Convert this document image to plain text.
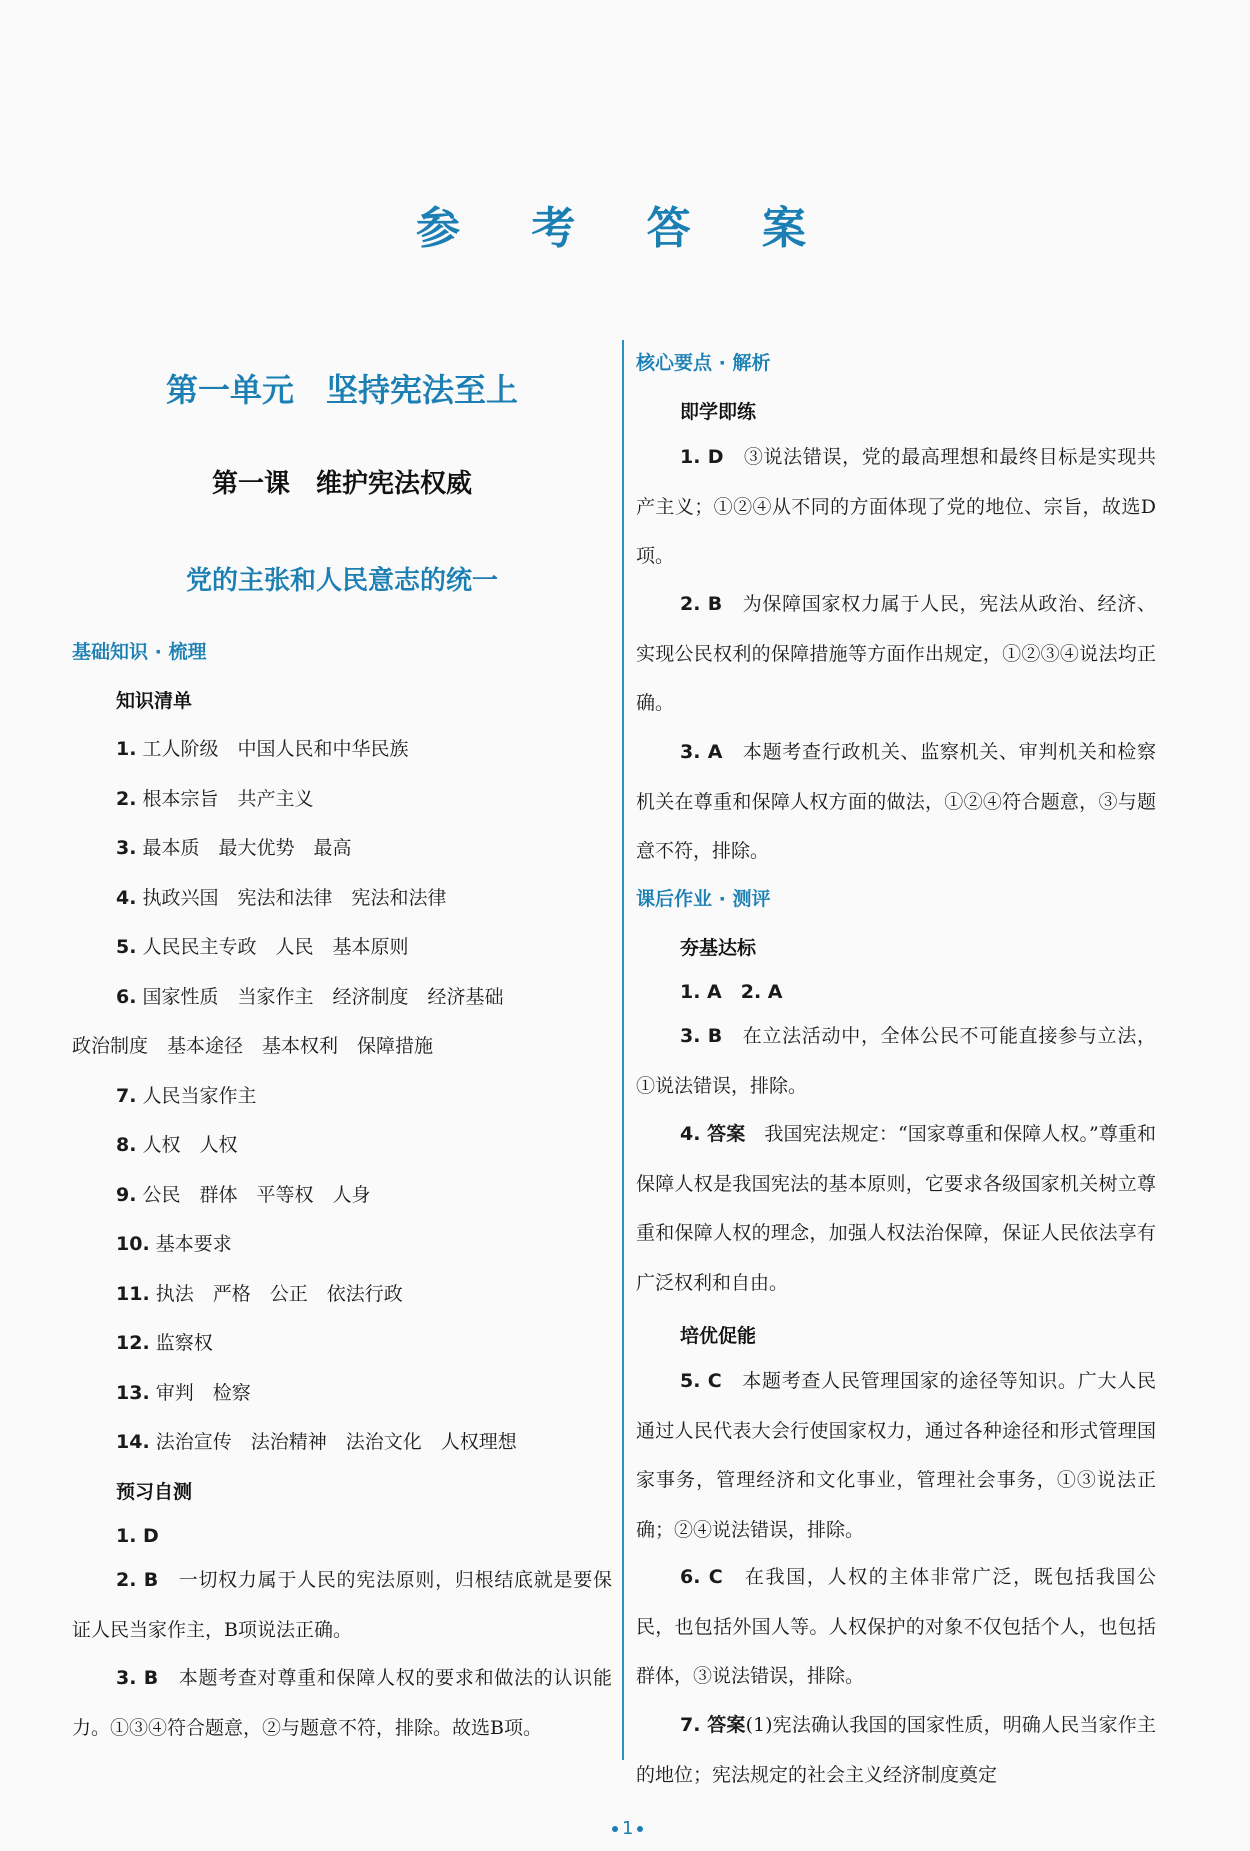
参 考 答 案
第一单元　坚持宪法至上
第一课　维护宪法权威
党的主张和人民意志的统一
基础知识 · 梳理
知识清单
1. 工人阶级　中国人民和中华民族
2. 根本宗旨　共产主义
3. 最本质　最大优势　最高
4. 执政兴国　宪法和法律　宪法和法律
5. 人民民主专政　人民　基本原则
6. 国家性质　当家作主　经济制度　经济基础
政治制度　基本途径　基本权利　保障措施
7. 人民当家作主
8. 人权　人权
9. 公民　群体　平等权　人身
10. 基本要求
11. 执法　严格　公正　依法行政
12. 监察权
13. 审判　检察
14. 法治宣传　法治精神　法治文化　人权理想
预习自测
1. D
2. B　 一切权力属于人民的宪法原则，归根结底就是要保证人民当家作主，B项说法正确。
3. B　 本题考查对尊重和保障人权的要求和做法的认识能力。①③④符合题意，②与题意不符，排除。故选B项。
核心要点 · 解析
即学即练
1. D　 ③说法错误，党的最高理想和最终目标是实现共产主义；①②④从不同的方面体现了党的地位、宗旨，故选D项。
2. B　 为保障国家权力属于人民，宪法从政治、经济、实现公民权利的保障措施等方面作出规定，①②③④说法均正确。
3. A　 本题考查行政机关、监察机关、审判机关和检察机关在尊重和保障人权方面的做法，①②④符合题意，③与题意不符，排除。
课后作业 · 测评
夯基达标
1. A　2. A
3. B　 在立法活动中，全体公民不可能直接参与立法，①说法错误，排除。
4. 答案　 我国宪法规定：“国家尊重和保障人权。”尊重和保障人权是我国宪法的基本原则，它要求各级国家机关树立尊重和保障人权的理念，加强人权法治保障，保证人民依法享有广泛权利和自由。
培优促能
5. C　 本题考查人民管理国家的途径等知识。广大人民通过人民代表大会行使国家权力，通过各种途径和形式管理国家事务，管理经济和文化事业，管理社会事务，①③说法正确；②④说法错误，排除。
6. C　 在我国，人权的主体非常广泛，既包括我国公民，也包括外国人等。人权保护的对象不仅包括个人，也包括群体，③说法错误，排除。
7. 答案(1)宪法确认我国的国家性质，明确人民当家作主的地位；宪法规定的社会主义经济制度奠定
1
